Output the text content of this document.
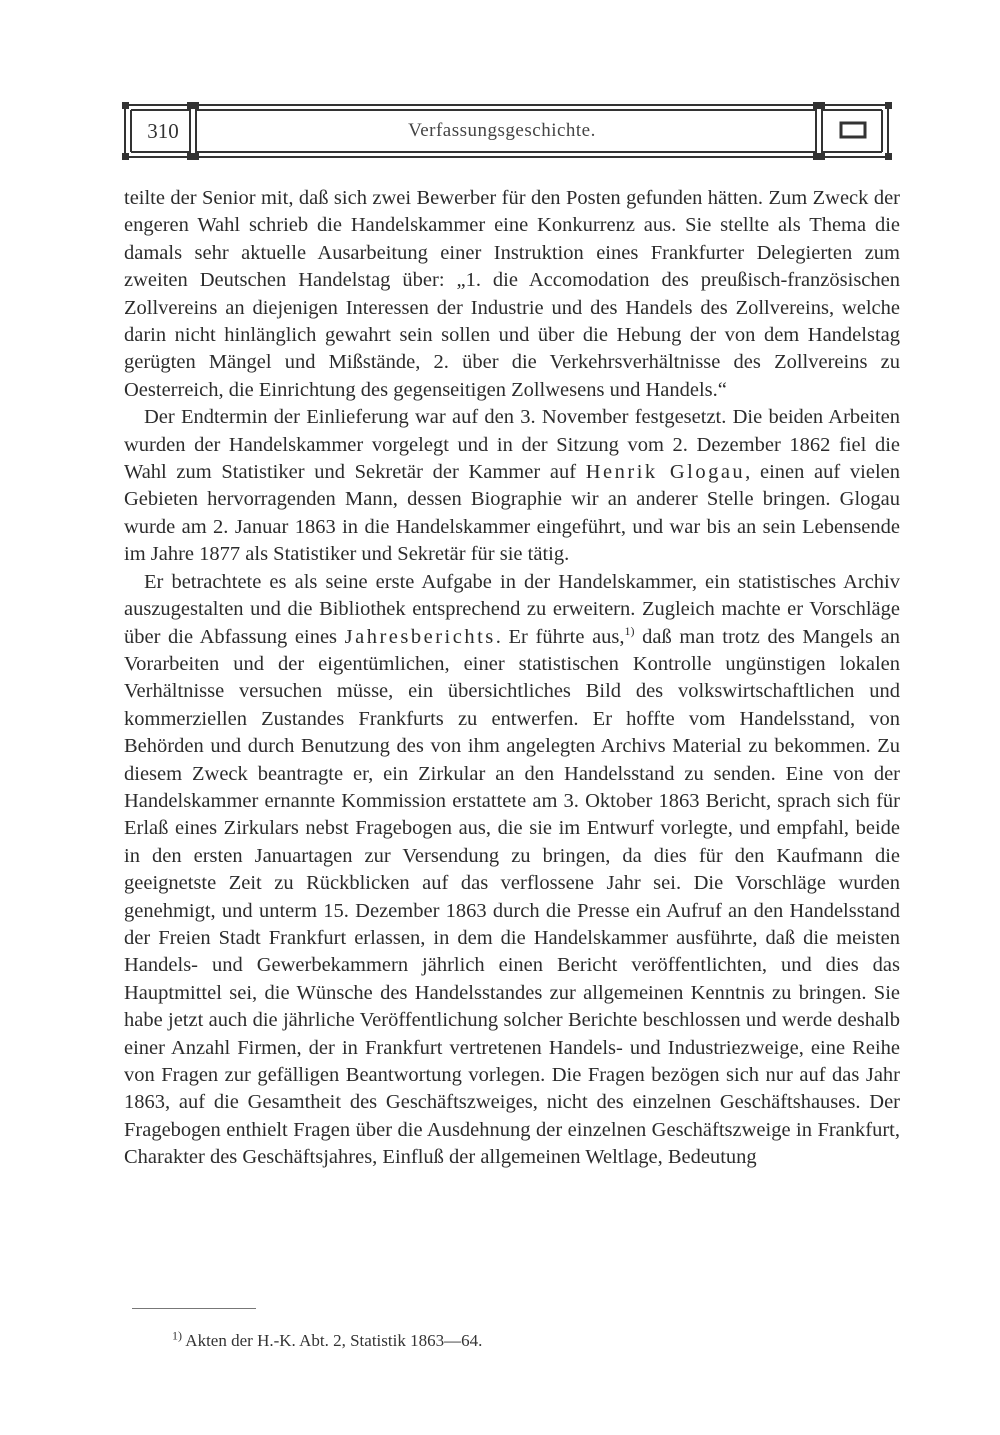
310	Verfassungsgeschichte.

teilte der Senior mit, daß sich zwei Bewerber für den Posten gefunden hätten. Zum Zweck der engeren Wahl schrieb die Handelskammer eine Konkurrenz aus. Sie stellte als Thema die damals sehr aktuelle Ausarbeitung einer Instruktion eines Frankfurter Delegierten zum zweiten Deutschen Handelstag über: „1. die Accomodation des preußisch-französischen Zollvereins an diejenigen Interessen der Industrie und des Handels des Zollvereins, welche darin nicht hinlänglich gewahrt sein sollen und über die Hebung der von dem Handelstag gerügten Mängel und Mißstände, 2. über die Verkehrsverhältnisse des Zollvereins zu Oesterreich, die Einrichtung des gegenseitigen Zollwesens und Handels.“

Der Endtermin der Einlieferung war auf den 3. November festgesetzt. Die beiden Arbeiten wurden der Handelskammer vorgelegt und in der Sitzung vom 2. Dezember 1862 fiel die Wahl zum Statistiker und Sekretär der Kammer auf Henrik Glogau, einen auf vielen Gebieten hervorragenden Mann, dessen Biographie wir an anderer Stelle bringen. Glogau wurde am 2. Januar 1863 in die Handelskammer eingeführt, und war bis an sein Lebensende im Jahre 1877 als Statistiker und Sekretär für sie tätig.

Er betrachtete es als seine erste Aufgabe in der Handelskammer, ein statistisches Archiv auszugestalten und die Bibliothek entsprechend zu erweitern. Zugleich machte er Vorschläge über die Abfassung eines Jahresberichts. Er führte aus,$^{1)}$ daß man trotz des Mangels an Vorarbeiten und der eigentümlichen, einer statistischen Kontrolle ungünstigen lokalen Verhältnisse versuchen müsse, ein übersichtliches Bild des volkswirtschaftlichen und kommerziellen Zustandes Frankfurts zu entwerfen. Er hoffte vom Handelsstand, von Behörden und durch Benutzung des von ihm angelegten Archivs Material zu bekommen. Zu diesem Zweck beantragte er, ein Zirkular an den Handelsstand zu senden. Eine von der Handelskammer ernannte Kommission erstattete am 3. Oktober 1863 Bericht, sprach sich für Erlaß eines Zirkulars nebst Fragebogen aus, die sie im Entwurf vorlegte, und empfahl, beide in den ersten Januartagen zur Versendung zu bringen, da dies für den Kaufmann die geeignetste Zeit zu Rückblicken auf das verflossene Jahr sei. Die Vorschläge wurden genehmigt, und unterm 15. Dezember 1863 durch die Presse ein Aufruf an den Handelsstand der Freien Stadt Frankfurt erlassen, in dem die Handelskammer ausführte, daß die meisten Handels- und Gewerbekammern jährlich einen Bericht veröffentlichten, und dies das Hauptmittel sei, die Wünsche des Handelsstandes zur allgemeinen Kenntnis zu bringen. Sie habe jetzt auch die jährliche Veröffentlichung solcher Berichte beschlossen und werde deshalb einer Anzahl Firmen, der in Frankfurt vertretenen Handels- und Industriezweige, eine Reihe von Fragen zur gefälligen Beantwortung vorlegen. Die Fragen bezögen sich nur auf das Jahr 1863, auf die Gesamtheit des Geschäftszweiges, nicht des einzelnen Geschäftshauses. Der Fragebogen enthielt Fragen über die Ausdehnung der einzelnen Geschäftszweige in Frankfurt, Charakter des Geschäftsjahres, Einfluß der allgemeinen Weltlage, Bedeutung

$^{1)}$ Akten der H.-K. Abt. 2, Statistik 1863—64.
